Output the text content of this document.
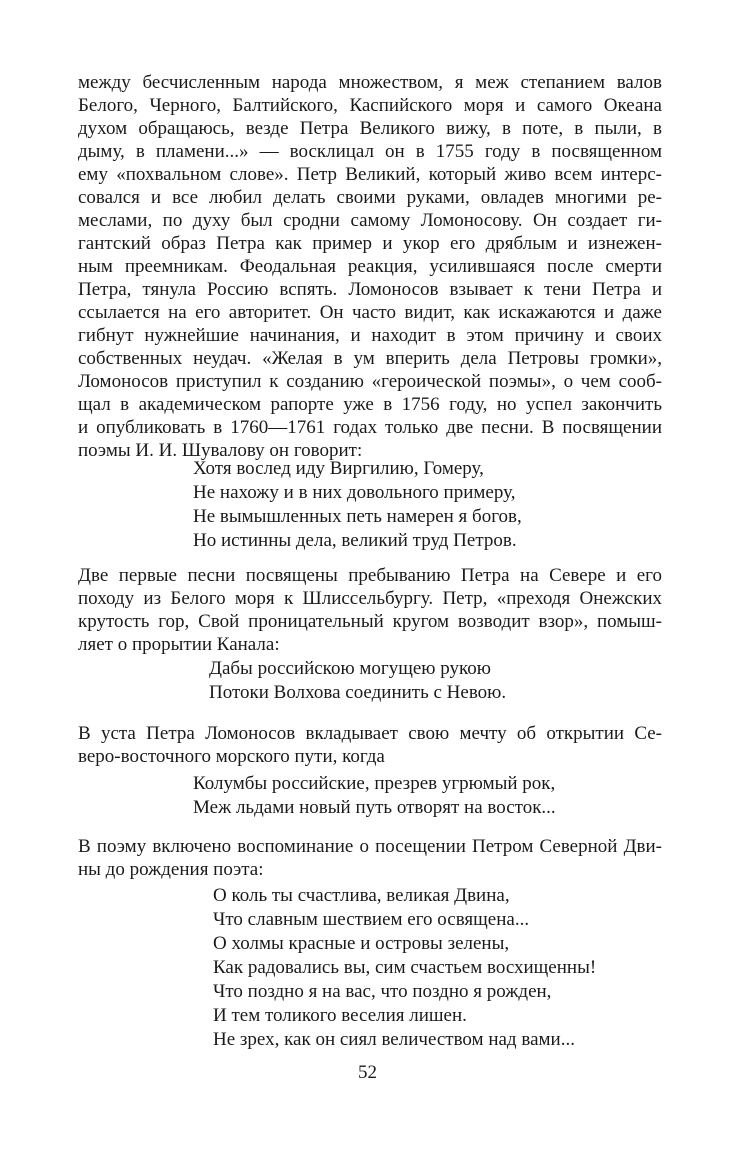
между бесчисленным народа множеством, я меж степанием валов

Белого, Черного, Балтийского, Каспийского моря и самого Океана

духом обращаюсь, везде Петра Великого вижу, в поте, в пыли, в

дыму, в пламени...» — восклицал он в 1755 году в посвященном

ему «похвальном слове». Петр Великий, который живо всем интерс-

совался и все любил делать своими руками, овладев многими ре-

меслами, по духу был сродни самому Ломоносову. Он создает ги-

гантский образ Петра как пример и укор его дряблым и изнежен-

ным преемникам. Феодальная реакция, усилившаяся после смерти

Петра, тянула Россию вспять. Ломоносов взывает к тени Петра и

ссылается на его авторитет. Он часто видит, как искажаются и даже

гибнут нужнейшие начинания, и находит в этом причину и своих

собственных неудач. «Желая в ум вперить дела Петровы громки»,

Ломоносов приступил к созданию «героической поэмы», о чем сооб-

щал в академическом рапорте уже в 1756 году, но успел закончить

и опубликовать в 1760—1761 годах только две песни. В посвящении

поэмы И. И. Шувалову он говорит:

Хотя вослед иду Виргилию, Гомеру,

Не нахожу и в них довольного примеру,

Не вымышленных петь намерен я богов,

Но истинны дела, великий труд Петров.

Две первые песни посвящены пребыванию Петра на Севере и его

походу из Белого моря к Шлиссельбургу. Петр, «преходя Онежских

крутость гор, Свой проницательный кругом возводит взор», помыш-

ляет о прорытии Канала:

Дабы российскою могущею рукою

Потоки Волхова соединить с Невою.

В уста Петра Ломоносов вкладывает свою мечту об открытии Се-

веро-восточного морского пути, когда

Колумбы российские, презрев угрюмый рок,

Меж льдами новый путь отворят на восток...

В поэму включено воспоминание о посещении Петром Северной Дви-

ны до рождения поэта:

О коль ты счастлива, великая Двина,

Что славным шествием его освящена...

О холмы красные и островы зелены,

Как радовались вы, сим счастьем восхищенны!

Что поздно я на вас, что поздно я рожден,

И тем толикого веселия лишен.

Не зрех, как он сиял величеством над вами...

52
